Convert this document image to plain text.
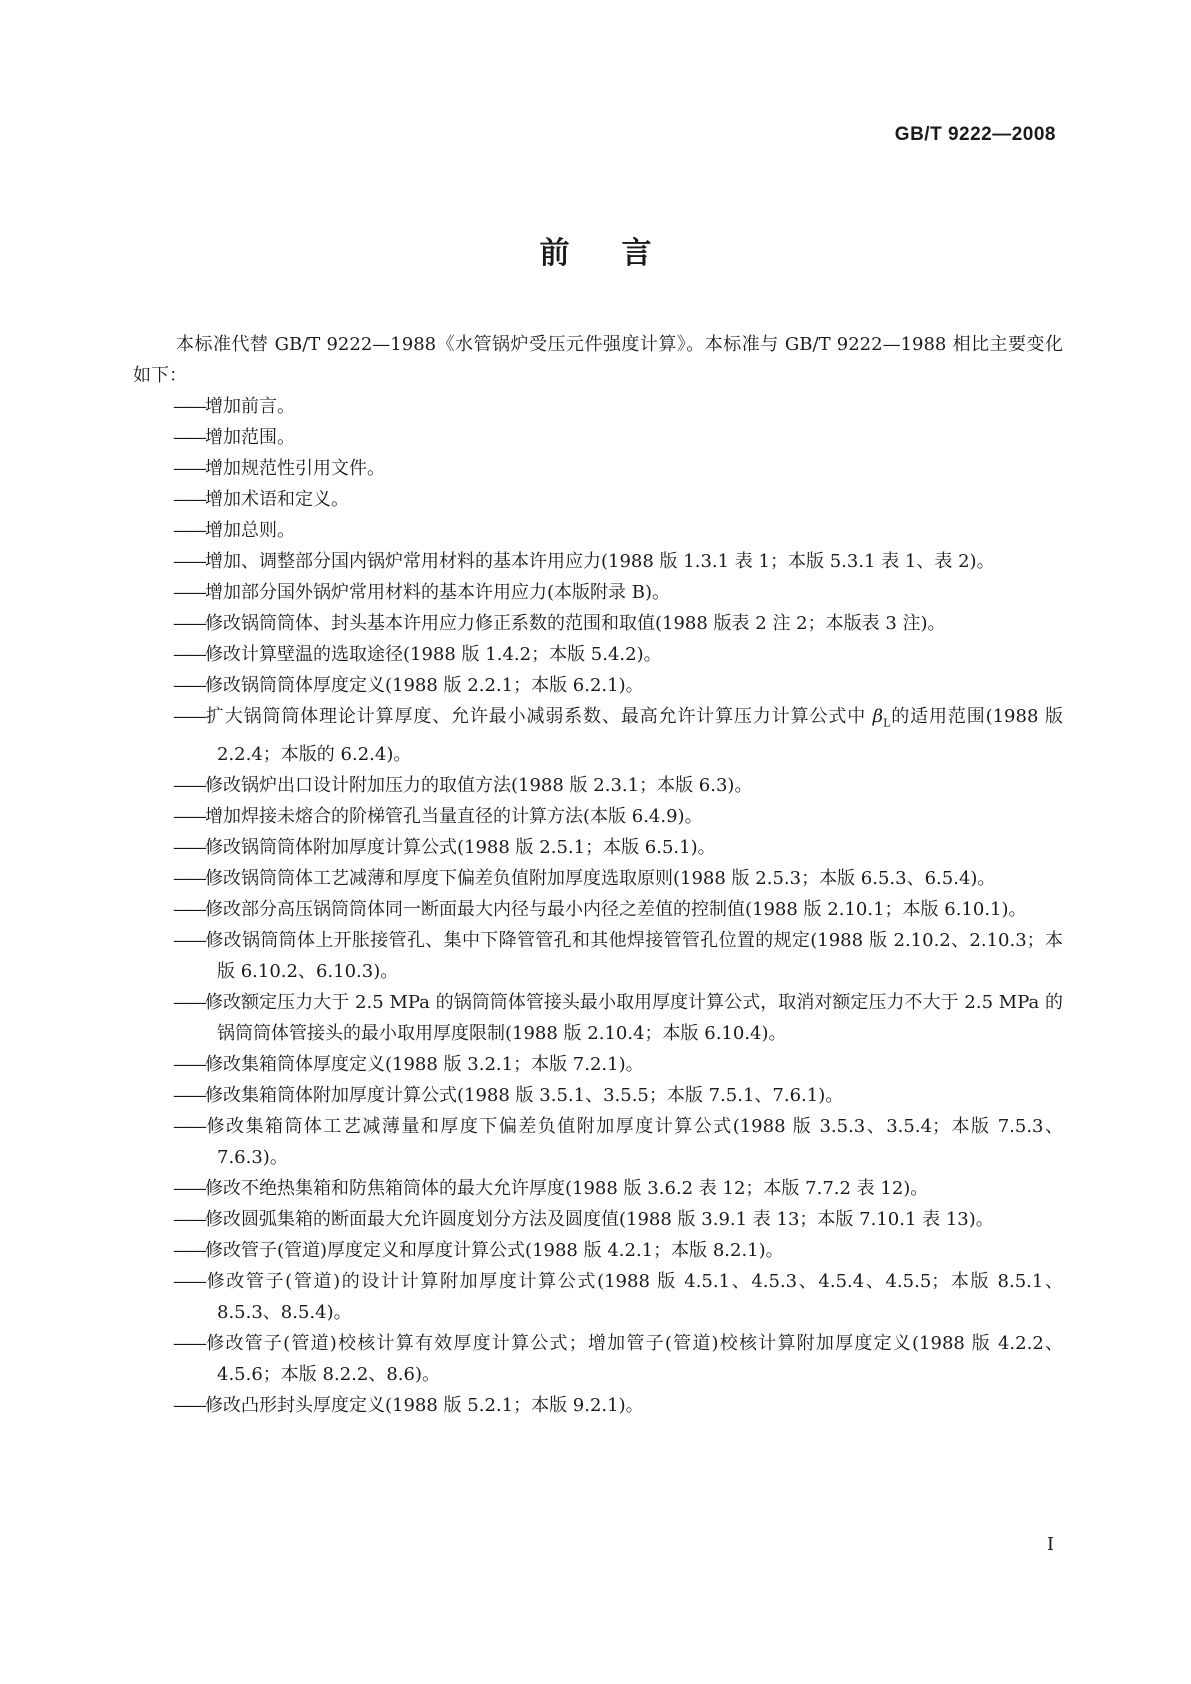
GB/T 9222—2008
前言

本标准代替 GB/T 9222—1988《水管锅炉受压元件强度计算》。本标准与 GB/T 9222—1988 相比主要变化如下：

——增加前言。
——增加范围。
——增加规范性引用文件。
——增加术语和定义。
——增加总则。
——增加、调整部分国内锅炉常用材料的基本许用应力(1988 版 1.3.1 表 1；本版 5.3.1 表 1、表 2)。
——增加部分国外锅炉常用材料的基本许用应力(本版附录 B)。
——修改锅筒筒体、封头基本许用应力修正系数的范围和取值(1988 版表 2 注 2；本版表 3 注)。
——修改计算壁温的选取途径(1988 版 1.4.2；本版 5.4.2)。
——修改锅筒筒体厚度定义(1988 版 2.2.1；本版 6.2.1)。
——扩大锅筒筒体理论计算厚度、允许最小减弱系数、最高允许计算压力计算公式中 $\beta_L$的适用范围(1988 版 2.2.4；本版的 6.2.4)。
——修改锅炉出口设计附加压力的取值方法(1988 版 2.3.1；本版 6.3)。
——增加焊接未熔合的阶梯管孔当量直径的计算方法(本版 6.4.9)。
——修改锅筒筒体附加厚度计算公式(1988 版 2.5.1；本版 6.5.1)。
——修改锅筒筒体工艺减薄和厚度下偏差负值附加厚度选取原则(1988 版 2.5.3；本版 6.5.3、6.5.4)。
——修改部分高压锅筒筒体同一断面最大内径与最小内径之差值的控制值(1988 版 2.10.1；本版 6.10.1)。
——修改锅筒筒体上开胀接管孔、集中下降管管孔和其他焊接管管孔位置的规定(1988 版 2.10.2、2.10.3；本版 6.10.2、6.10.3)。
——修改额定压力大于 2.5 MPa 的锅筒筒体管接头最小取用厚度计算公式，取消对额定压力不大于 2.5 MPa 的锅筒筒体管接头的最小取用厚度限制(1988 版 2.10.4；本版 6.10.4)。
——修改集箱筒体厚度定义(1988 版 3.2.1；本版 7.2.1)。
——修改集箱筒体附加厚度计算公式(1988 版 3.5.1、3.5.5；本版 7.5.1、7.6.1)。
——修改集箱筒体工艺减薄量和厚度下偏差负值附加厚度计算公式(1988 版 3.5.3、3.5.4；本版 7.5.3、7.6.3)。
——修改不绝热集箱和防焦箱筒体的最大允许厚度(1988 版 3.6.2 表 12；本版 7.7.2 表 12)。
——修改圆弧集箱的断面最大允许圆度划分方法及圆度值(1988 版 3.9.1 表 13；本版 7.10.1 表 13)。
——修改管子(管道)厚度定义和厚度计算公式(1988 版 4.2.1；本版 8.2.1)。
——修改管子(管道)的设计计算附加厚度计算公式(1988 版 4.5.1、4.5.3、4.5.4、4.5.5；本版 8.5.1、8.5.3、8.5.4)。
——修改管子(管道)校核计算有效厚度计算公式；增加管子(管道)校核计算附加厚度定义(1988 版 4.2.2、4.5.6；本版 8.2.2、8.6)。
——修改凸形封头厚度定义(1988 版 5.2.1；本版 9.2.1)。
I
